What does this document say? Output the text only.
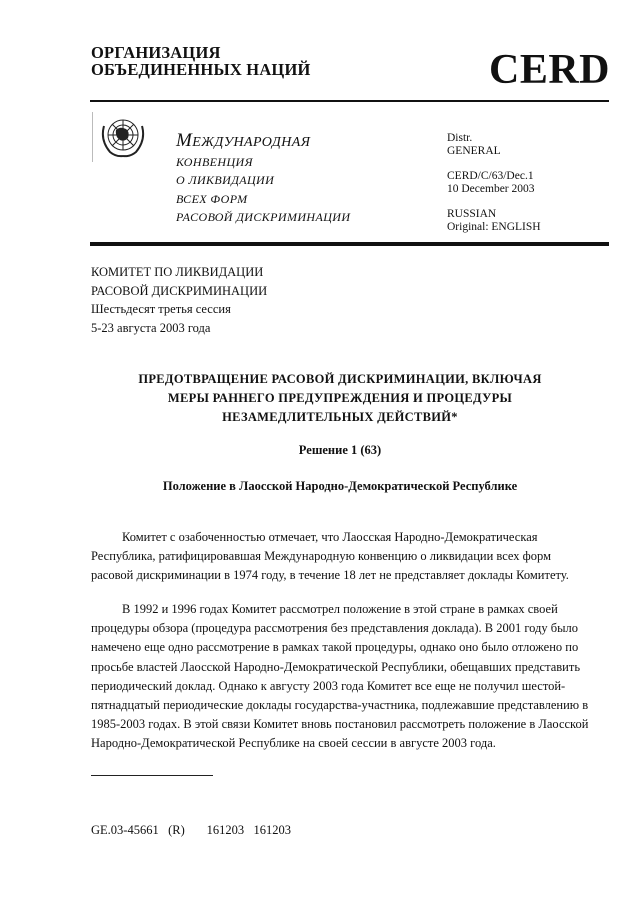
ОРГАНИЗАЦИЯ
ОБЪЕДИНЕННЫХ НАЦИЙ	CERD
МЕЖДУНАРОДНАЯ
КОНВЕНЦИЯ
О ЛИКВИДАЦИИ
ВСЕХ ФОРМ
РАСОВОЙ ДИСКРИМИНАЦИИ
Distr.
GENERAL
CERD/C/63/Dec.1
10 December 2003
RUSSIAN
Original: ENGLISH
КОМИТЕТ ПО ЛИКВИДАЦИИ
РАСОВОЙ ДИСКРИМИНАЦИИ
Шестьдесят третья сессия
5-23 августа 2003 года
ПРЕДОТВРАЩЕНИЕ РАСОВОЙ ДИСКРИМИНАЦИИ, ВКЛЮЧАЯ
МЕРЫ РАННЕГО ПРЕДУПРЕЖДЕНИЯ И ПРОЦЕДУРЫ
НЕЗАМЕДЛИТЕЛЬНЫХ ДЕЙСТВИЙ*
Решение 1 (63)
Положение в Лаосской Народно-Демократической Республике

Комитет с озабоченностью отмечает, что Лаосская Народно-Демократическая Республика, ратифицировавшая Международную конвенцию о ликвидации всех форм расовой дискриминации в 1974 году, в течение 18 лет не представляет доклады Комитету.

В 1992 и 1996 годах Комитет рассмотрел положение в этой стране в рамках своей процедуры обзора (процедура рассмотрения без представления доклада). В 2001 году было намечено еще одно рассмотрение в рамках такой процедуры, однако оно было отложено по просьбе властей Лаосской Народно-Демократической Республики, обещавших представить периодический доклад. Однако к августу 2003 года Комитет все еще не получил шестой-пятнадцатый периодические доклады государства-участника, подлежавшие представлению в 1985-2003 годах. В этой связи Комитет вновь постановил рассмотреть положение в Лаосской Народно-Демократической Республике на своей сессии в августе 2003 года.

GE.03-45661   (R)       161203   161203
